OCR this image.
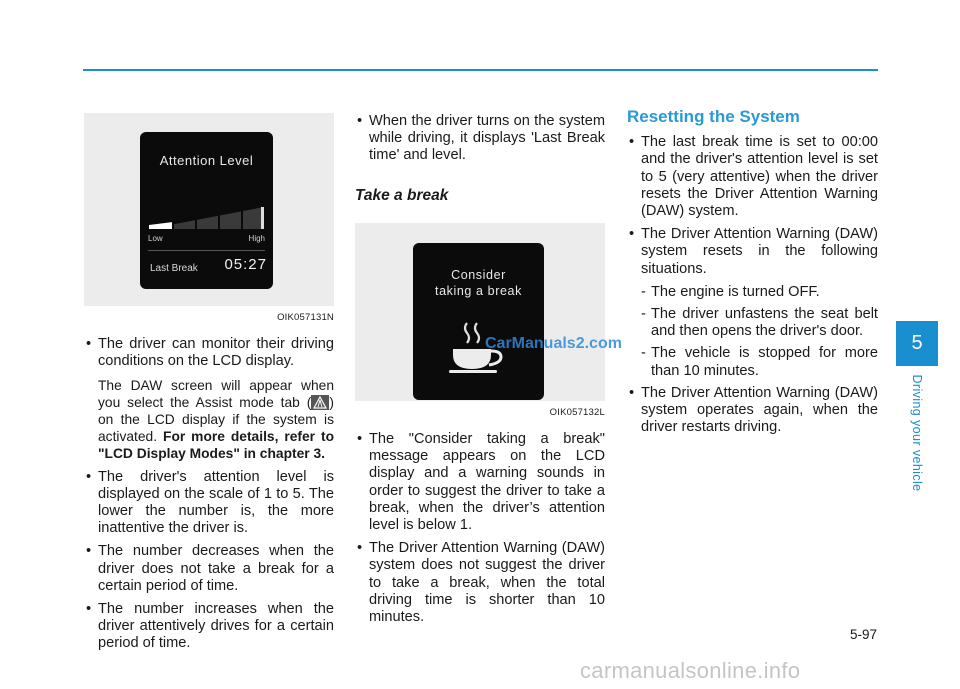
Attention Level
Low	High
Last Break 05:27
OIK057131N
• The driver can monitor their driving conditions on the LCD display.
The DAW screen will appear when you select the Assist mode tab ( ) on the LCD display if the system is activated. For more details, refer to "LCD Display Modes" in chapter 3.
• The driver's attention level is displayed on the scale of 1 to 5. The lower the number is, the more inattentive the driver is.
• The number decreases when the driver does not take a break for a certain period of time.
• The number increases when the driver attentively drives for a certain period of time.
• When the driver turns on the system while driving, it displays 'Last Break time' and level.
Take a break
Consider
taking a break
CarManuals2.com
OIK057132L
• The "Consider taking a break" message appears on the LCD display and a warning sounds in order to suggest the driver to take a break, when the driver’s attention level is below 1.
• The Driver Attention Warning (DAW) system does not suggest the driver to take a break, when the total driving time is shorter than 10 minutes.
Resetting the System
• The last break time is set to 00:00 and the driver's attention level is set to 5 (very attentive) when the driver resets the Driver Attention Warning (DAW) system.
• The Driver Attention Warning (DAW) system resets in the following situations.
- The engine is turned OFF.
- The driver unfastens the seat belt and then opens the driver's door.
- The vehicle is stopped for more than 10 minutes.
• The Driver Attention Warning (DAW) system operates again, when the driver restarts driving.
5
Driving your vehicle
5-97
carmanualsonline.info
